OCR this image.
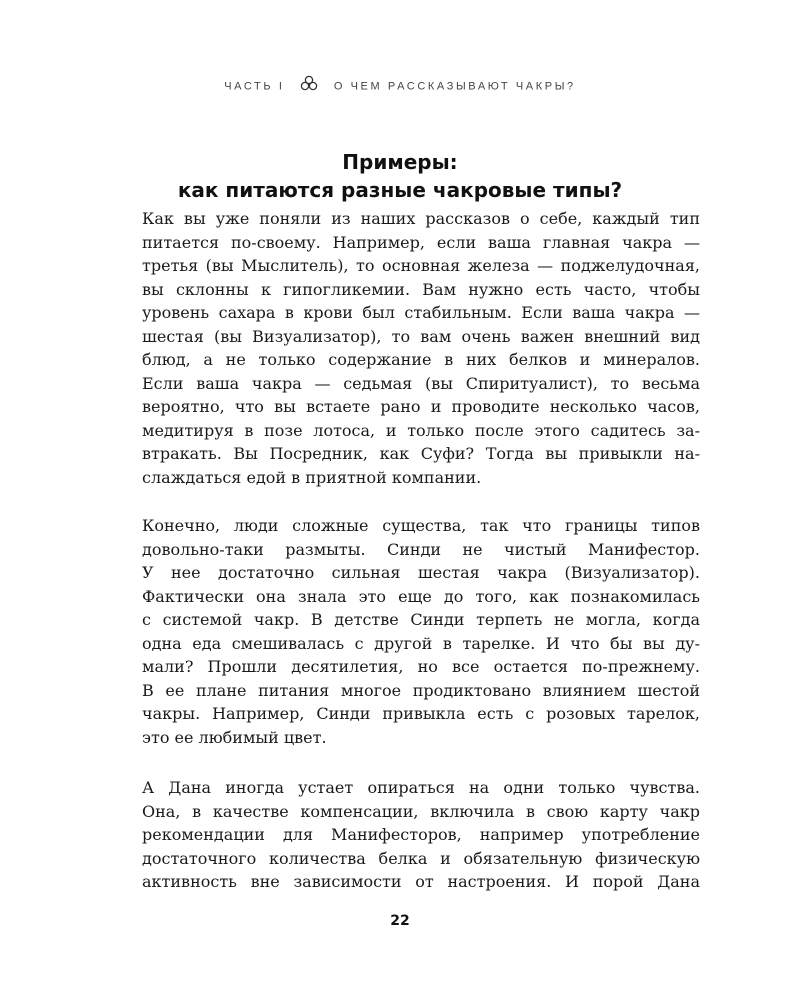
ЧАСТЬ I	О ЧЕМ РАССКАЗЫВАЮТ ЧАКРЫ?
Примеры:
как питаются разные чакровые типы?
Как вы уже поняли из наших рассказов о себе, каждый тип
питается по-своему. Например, если ваша главная чакра —
третья (вы Мыслитель), то основная железа — поджелудочная,
вы склонны к гипогликемии. Вам нужно есть часто, чтобы
уровень сахара в крови был стабильным. Если ваша чакра —
шестая (вы Визуализатор), то вам очень важен внешний вид
блюд, а не только содержание в них белков и минералов.
Если ваша чакра — седьмая (вы Спиритуалист), то весьма
вероятно, что вы встаете рано и проводите несколько часов,
медитируя в позе лотоса, и только после этого садитесь за-
втракать. Вы Посредник, как Суфи? Тогда вы привыкли на-
слаждаться едой в приятной компании.
Конечно, люди сложные существа, так что границы типов
довольно-таки размыты. Синди не чистый Манифестор.
У нее достаточно сильная шестая чакра (Визуализатор).
Фактически она знала это еще до того, как познакомилась
с системой чакр. В детстве Синди терпеть не могла, когда
одна еда смешивалась с другой в тарелке. И что бы вы ду-
мали? Прошли десятилетия, но все остается по-прежнему.
В ее плане питания многое продиктовано влиянием шестой
чакры. Например, Синди привыкла есть с розовых тарелок,
это ее любимый цвет.
А Дана иногда устает опираться на одни только чувства.
Она, в качестве компенсации, включила в свою карту чакр
рекомендации для Манифесторов, например употребление
достаточного количества белка и обязательную физическую
активность вне зависимости от настроения. И порой Дана
22
